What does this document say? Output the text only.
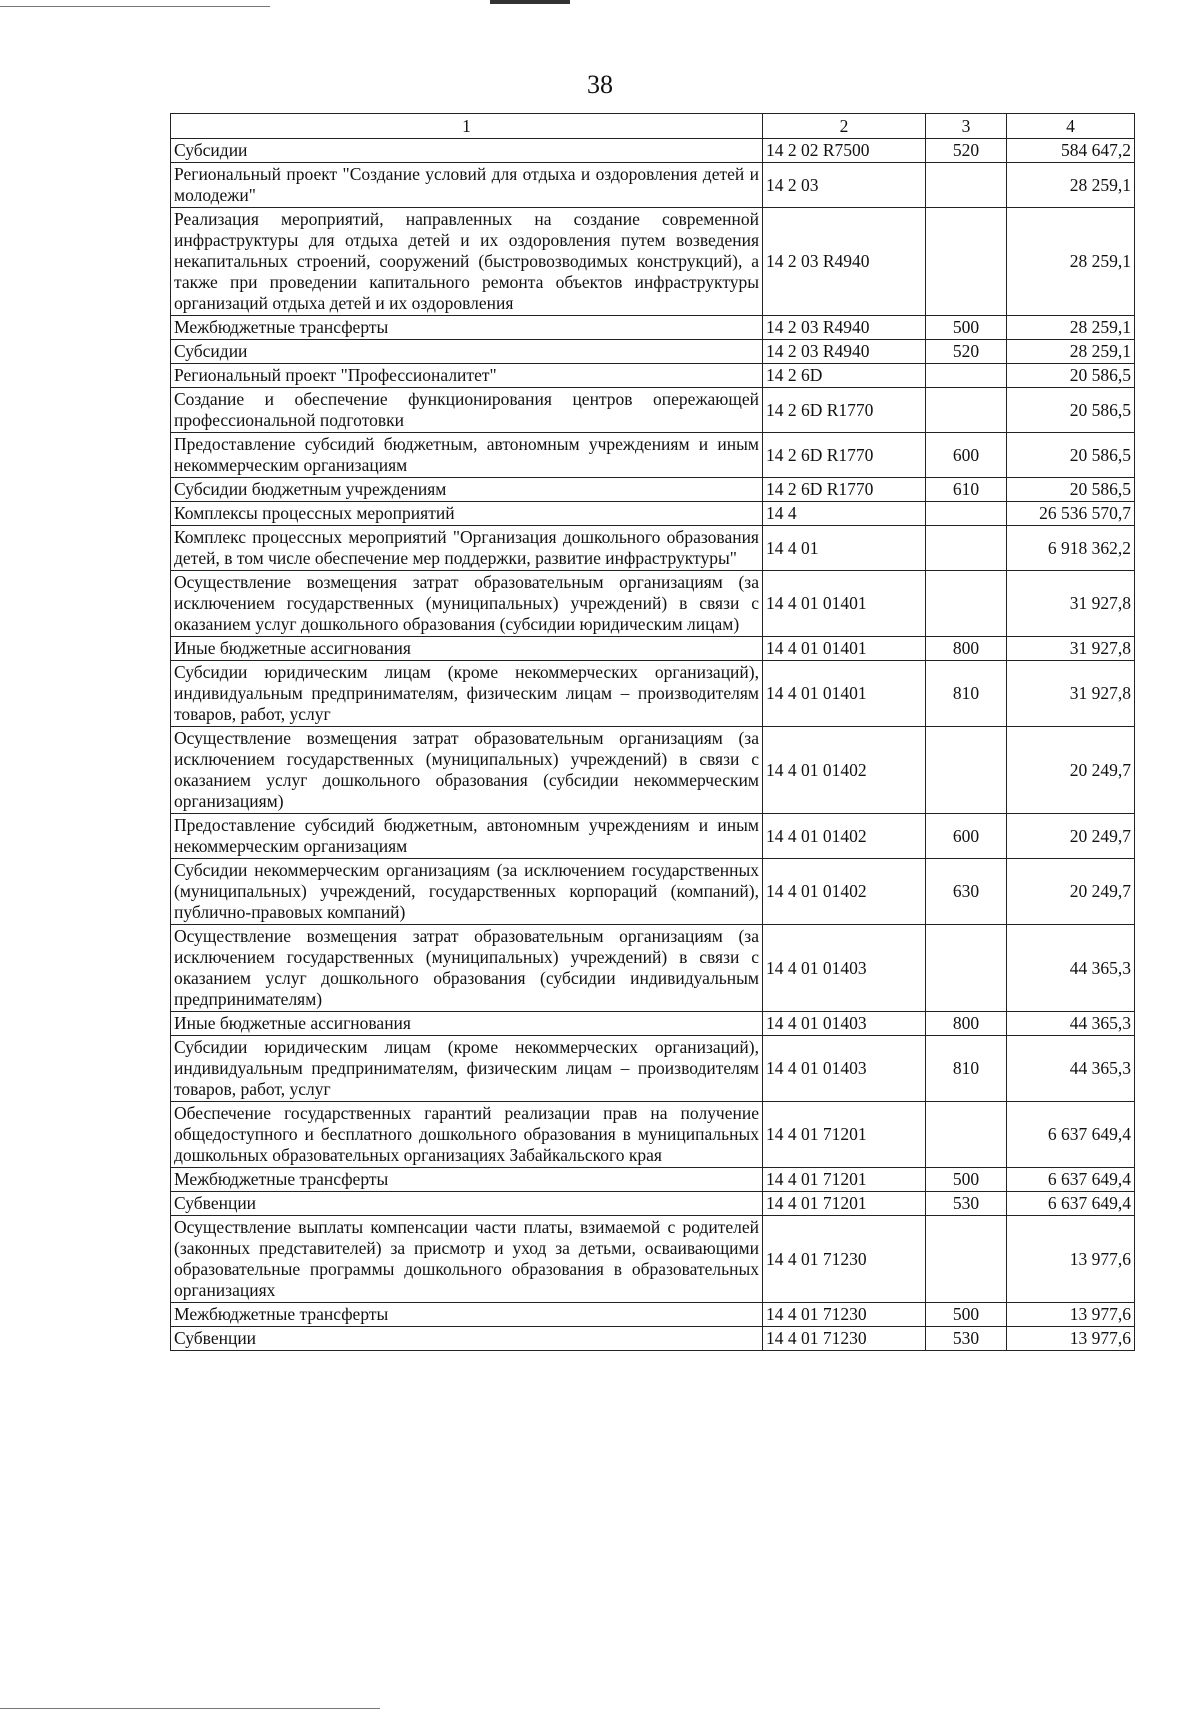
38
1	2	3	4
Субсидии	14 2 02 R7500	520	584 647,2
Региональный проект "Создание условий для отдыха и оздоровления детей и молодежи"	14 2 03		28 259,1
Реализация мероприятий, направленных на создание современной инфраструктуры для отдыха детей и их оздоровления путем возведения некапитальных строений, сооружений (быстровозводимых конструкций), а также при проведении капитального ремонта объектов инфраструктуры организаций отдыха детей и их оздоровления	14 2 03 R4940		28 259,1
Межбюджетные трансферты	14 2 03 R4940	500	28 259,1
Субсидии	14 2 03 R4940	520	28 259,1
Региональный проект "Профессионалитет"	14 2 6D		20 586,5
Создание и обеспечение функционирования центров опережающей профессиональной подготовки	14 2 6D R1770		20 586,5
Предоставление субсидий бюджетным, автономным учреждениям и иным некоммерческим организациям	14 2 6D R1770	600	20 586,5
Субсидии бюджетным учреждениям	14 2 6D R1770	610	20 586,5
Комплексы процессных мероприятий	14 4		26 536 570,7
Комплекс процессных мероприятий "Организация дошкольного образования детей, в том числе обеспечение мер поддержки, развитие инфраструктуры"	14 4 01		6 918 362,2
Осуществление возмещения затрат образовательным организациям (за исключением государственных (муниципальных) учреждений) в связи с оказанием услуг дошкольного образования (субсидии юридическим лицам)	14 4 01 01401		31 927,8
Иные бюджетные ассигнования	14 4 01 01401	800	31 927,8
Субсидии юридическим лицам (кроме некоммерческих организаций), индивидуальным предпринимателям, физическим лицам – производителям товаров, работ, услуг	14 4 01 01401	810	31 927,8
Осуществление возмещения затрат образовательным организациям (за исключением государственных (муниципальных) учреждений) в связи с оказанием услуг дошкольного образования (субсидии некоммерческим организациям)	14 4 01 01402		20 249,7
Предоставление субсидий бюджетным, автономным учреждениям и иным некоммерческим организациям	14 4 01 01402	600	20 249,7
Субсидии некоммерческим организациям (за исключением государственных (муниципальных) учреждений, государственных корпораций (компаний), публично-правовых компаний)	14 4 01 01402	630	20 249,7
Осуществление возмещения затрат образовательным организациям (за исключением государственных (муниципальных) учреждений) в связи с оказанием услуг дошкольного образования (субсидии индивидуальным предпринимателям)	14 4 01 01403		44 365,3
Иные бюджетные ассигнования	14 4 01 01403	800	44 365,3
Субсидии юридическим лицам (кроме некоммерческих организаций), индивидуальным предпринимателям, физическим лицам – производителям товаров, работ, услуг	14 4 01 01403	810	44 365,3
Обеспечение государственных гарантий реализации прав на получение общедоступного и бесплатного дошкольного образования в муниципальных дошкольных образовательных организациях Забайкальского края	14 4 01 71201		6 637 649,4
Межбюджетные трансферты	14 4 01 71201	500	6 637 649,4
Субвенции	14 4 01 71201	530	6 637 649,4
Осуществление выплаты компенсации части платы, взимаемой с родителей (законных представителей) за присмотр и уход за детьми, осваивающими образовательные программы дошкольного образования в образовательных организациях	14 4 01 71230		13 977,6
Межбюджетные трансферты	14 4 01 71230	500	13 977,6
Субвенции	14 4 01 71230	530	13 977,6
